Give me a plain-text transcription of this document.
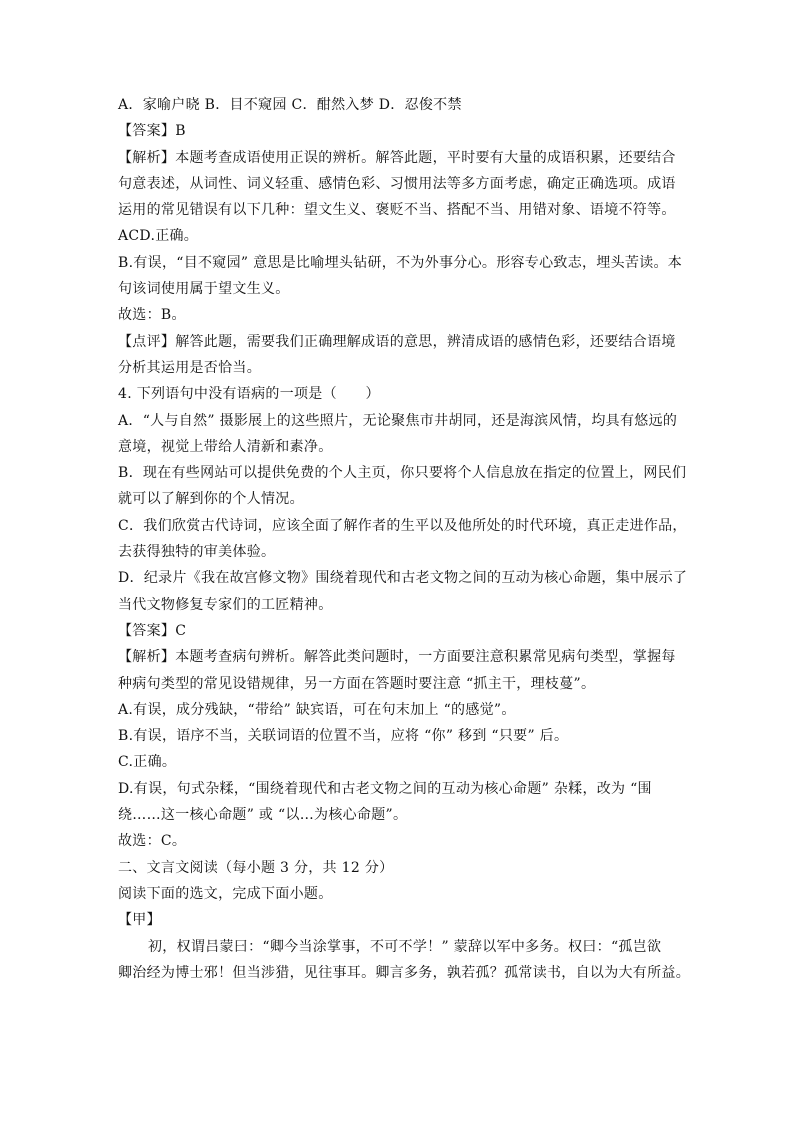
A．家喻户晓 B．目不窥园 C．酣然入梦 D．忍俊不禁
【答案】B
【解析】本题考查成语使用正误的辨析。解答此题，平时要有大量的成语积累，还要结合
句意表述，从词性、词义轻重、感情色彩、习惯用法等多方面考虑，确定正确选项。成语
运用的常见错误有以下几种：望文生义、褒贬不当、搭配不当、用错对象、语境不符等。
ACD.正确。
B.有误，“目不窥园” 意思是比喻埋头钻研，不为外事分心。形容专心致志，埋头苦读。本
句该词使用属于望文生义。
故选：B。
【点评】解答此题，需要我们正确理解成语的意思，辨清成语的感情色彩，还要结合语境
分析其运用是否恰当。
4. 下列语句中没有语病的一项是（　　）
A．“人与自然” 摄影展上的这些照片，无论聚焦市井胡同，还是海滨风情，均具有悠远的
意境，视觉上带给人清新和素净。
B．现在有些网站可以提供免费的个人主页，你只要将个人信息放在指定的位置上，网民们
就可以了解到你的个人情况。
C．我们欣赏古代诗词，应该全面了解作者的生平以及他所处的时代环境，真正走进作品，
去获得独特的审美体验。
D．纪录片《我在故宫修文物》围绕着现代和古老文物之间的互动为核心命题，集中展示了
当代文物修复专家们的工匠精神。
【答案】C
【解析】本题考查病句辨析。解答此类问题时，一方面要注意积累常见病句类型，掌握每
种病句类型的常见设错规律，另一方面在答题时要注意 “抓主干，理枝蔓”。
A.有误，成分残缺，“带给” 缺宾语，可在句末加上 “的感觉”。
B.有误，语序不当，关联词语的位置不当，应将 “你” 移到 “只要” 后。
C.正确。
D.有误，句式杂糅，“围绕着现代和古老文物之间的互动为核心命题” 杂糅，改为 “围
绕……这一核心命题” 或 “以…为核心命题”。
故选：C。
二、文言文阅读（每小题 3 分，共 12 分）
阅读下面的选文，完成下面小题。
【甲】
初，权谓吕蒙曰：“卿今当涂掌事，不可不学！” 蒙辞以军中多务。权曰：“孤岂欲
卿治经为博士邪！但当涉猎，见往事耳。卿言多务，孰若孤？孤常读书，自以为大有所益。
